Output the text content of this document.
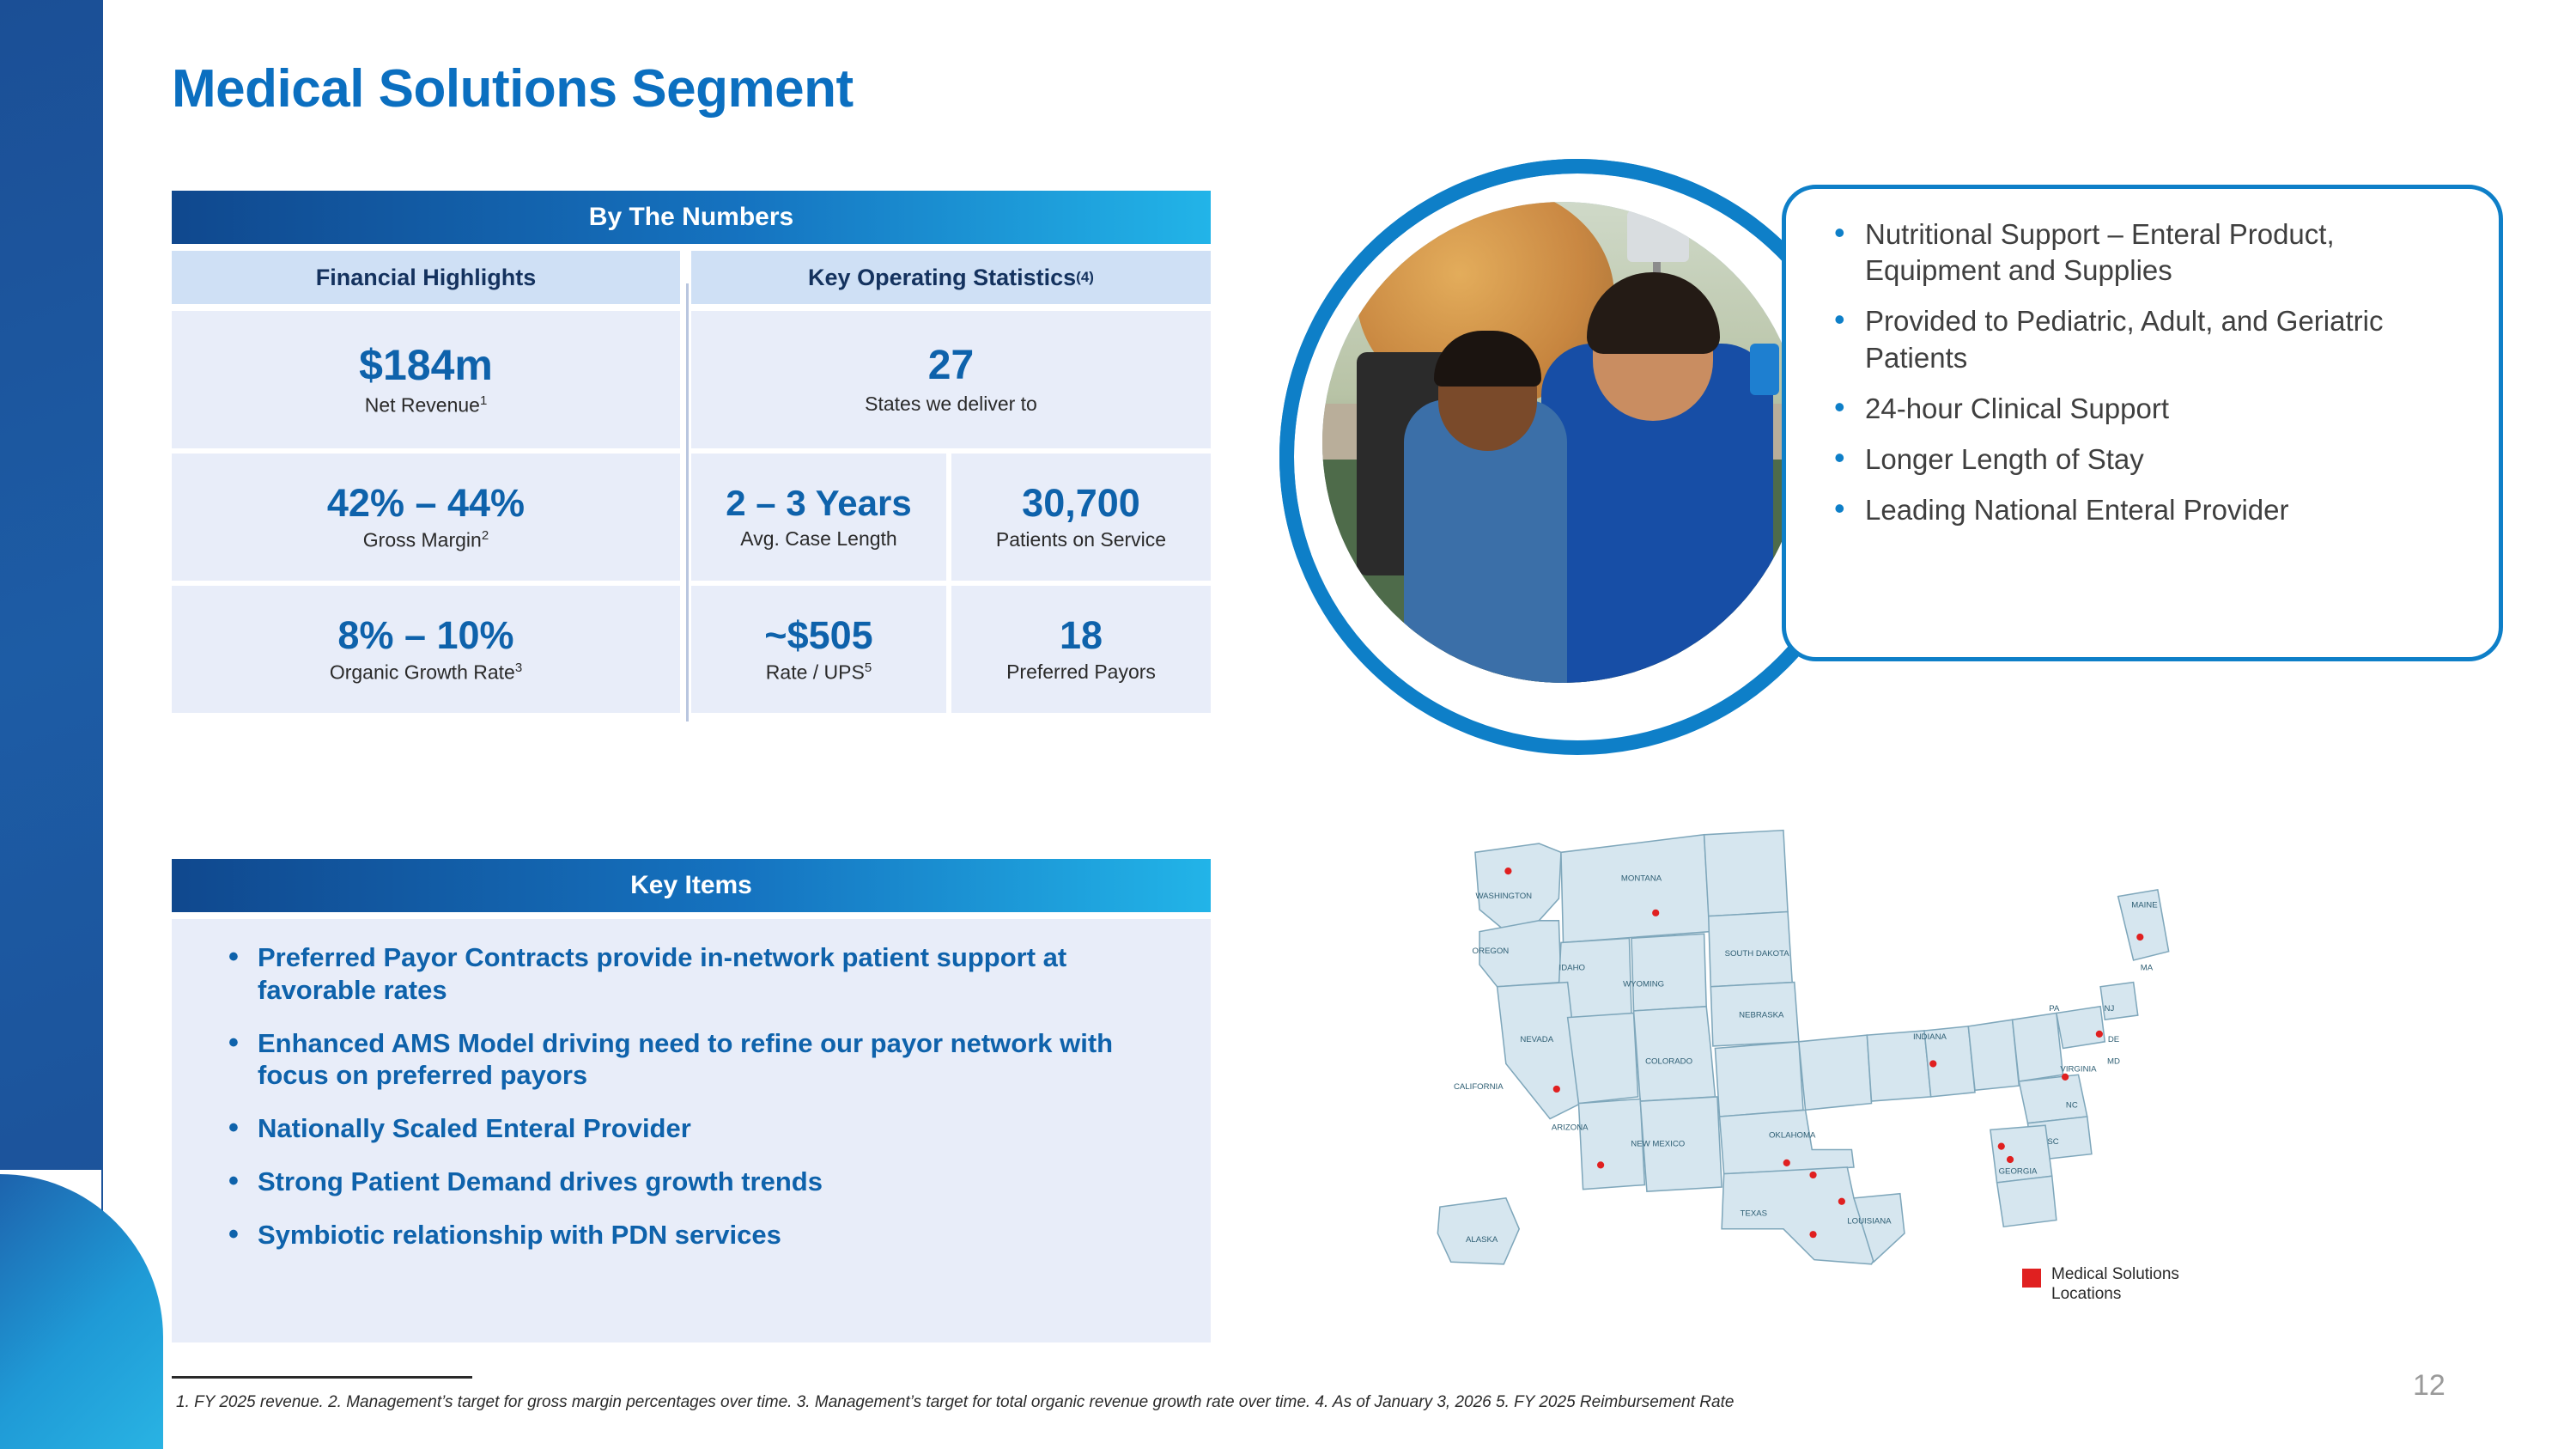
Medical Solutions Segment
By The Numbers
Financial Highlights	Key Operating Statistics (4)
$184m
Net Revenue$^1$
42% – 44%
Gross Margin$^2$
8% – 10%
Organic Growth Rate$^3$
27
States we deliver to
2 – 3 Years
Avg. Case Length
30,700
Patients on Service
~$505
Rate / UPS$^5$
18
Preferred Payors
Key Items
• Preferred Payor Contracts provide in-network patient support at favorable rates
• Enhanced AMS Model driving need to refine our payor network with focus on preferred payors
• Nationally Scaled Enteral Provider
• Strong Patient Demand drives growth trends
• Symbiotic relationship with PDN services
• Nutritional Support – Enteral Product, Equipment and Supplies
• Provided to Pediatric, Adult, and Geriatric Patients
• 24-hour Clinical Support
• Longer Length of Stay
• Leading National Enteral Provider
WASHINGTON
OREGON
MONTANA
IDAHO
WYOMING
SOUTH DAKOTA
NEBRASKA
NEVADA
COLORADO
CALIFORNIA
ARIZONA
NEW MEXICO
OKLAHOMA
TEXAS
LOUISIANA
GEORGIA
SC
NC
VIRGINIA
INDIANA
PA	NJ
DE
MD
MA
MAINE
ALASKA
Medical Solutions
Locations
1. FY 2025 revenue. 2. Management’s target for gross margin percentages over time. 3. Management’s target for total organic revenue growth rate over time. 4. As of January 3, 2026 5. FY 2025 Reimbursement Rate
12
